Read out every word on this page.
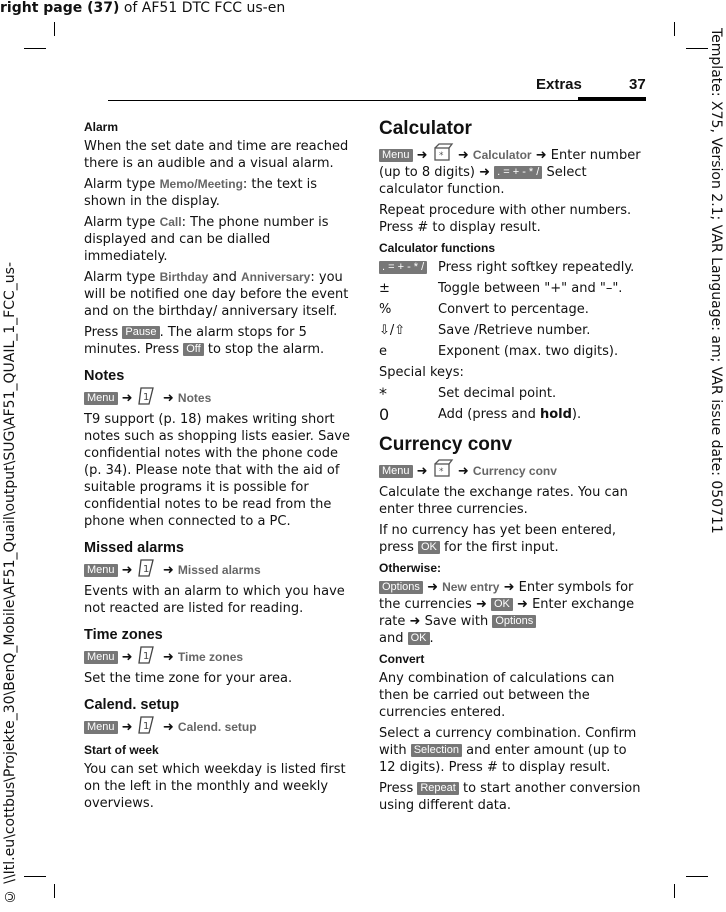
right page (37) of AF51 DTC FCC us-en
Template: X75, Version 2.1; VAR Language: am; VAR issue date: 050711
© \\Itl.eu\cottbus\Projekte_30\BenQ_Mobile\AF51_Quail\output\SUG\AF51_QUAIL_1_FCC_us-
Extras	37
Alarm

When the set date and time are reached there is an audible and a visual alarm.

Alarm type Memo/Meeting: the text is shown in the display.

Alarm type Call: The phone number is displayed and can be dialled immediately.

Alarm type Birthday and Anniversary: you will be notified one day before the event and on the birthday/ anniversary itself.

Press Pause . The alarm stops for 5 minutes. Press Off to stop the alarm.

Notes

Menu ➜ 1 ➜ Notes

T9 support (p. 18) makes writing short notes such as shopping lists easier. Save confidential notes with the phone code (p. 34). Please note that with the aid of suitable programs it is possible for confidential notes to be read from the phone when connected to a PC.

Missed alarms

Menu ➜ 1 ➜ Missed alarms

Events with an alarm to which you have not reacted are listed for reading.

Time zones

Menu ➜ 1 ➜ Time zones

Set the time zone for your area.

Calend. setup

Menu ➜ 1 ➜ Calend. setup

Start of week

You can set which weekday is listed first on the left in the monthly and weekly overviews.

Calculator

Menu ➜ * ➜ Calculator ➜ Enter number (up to 8 digits) ➜ . = + - * / Select calculator function.

Repeat procedure with other numbers. Press # to display result.

Calculator functions
. = + - * /	Press right softkey repeatedly.
±	Toggle between "+" and "–".
%	Convert to percentage.
⇩/⇧	Save /Retrieve number.
e	Exponent (max. two digits).

Special keys:

*	Set decimal point.
0	Add (press and hold).
Currency conv

Menu ➜ * ➜ Currency conv

Calculate the exchange rates. You can enter three currencies.

If no currency has yet been entered, press OK for the first input.

Otherwise:

Options ➜ New entry ➜ Enter symbols for the currencies ➜ OK ➜ Enter exchange rate ➜ Save with Options
and OK .

Convert

Any combination of calculations can then be carried out between the currencies entered.

Select a currency combination. Confirm with Selection and enter amount (up to 12 digits). Press # to display result.

Press Repeat to start another conversion using different data.
